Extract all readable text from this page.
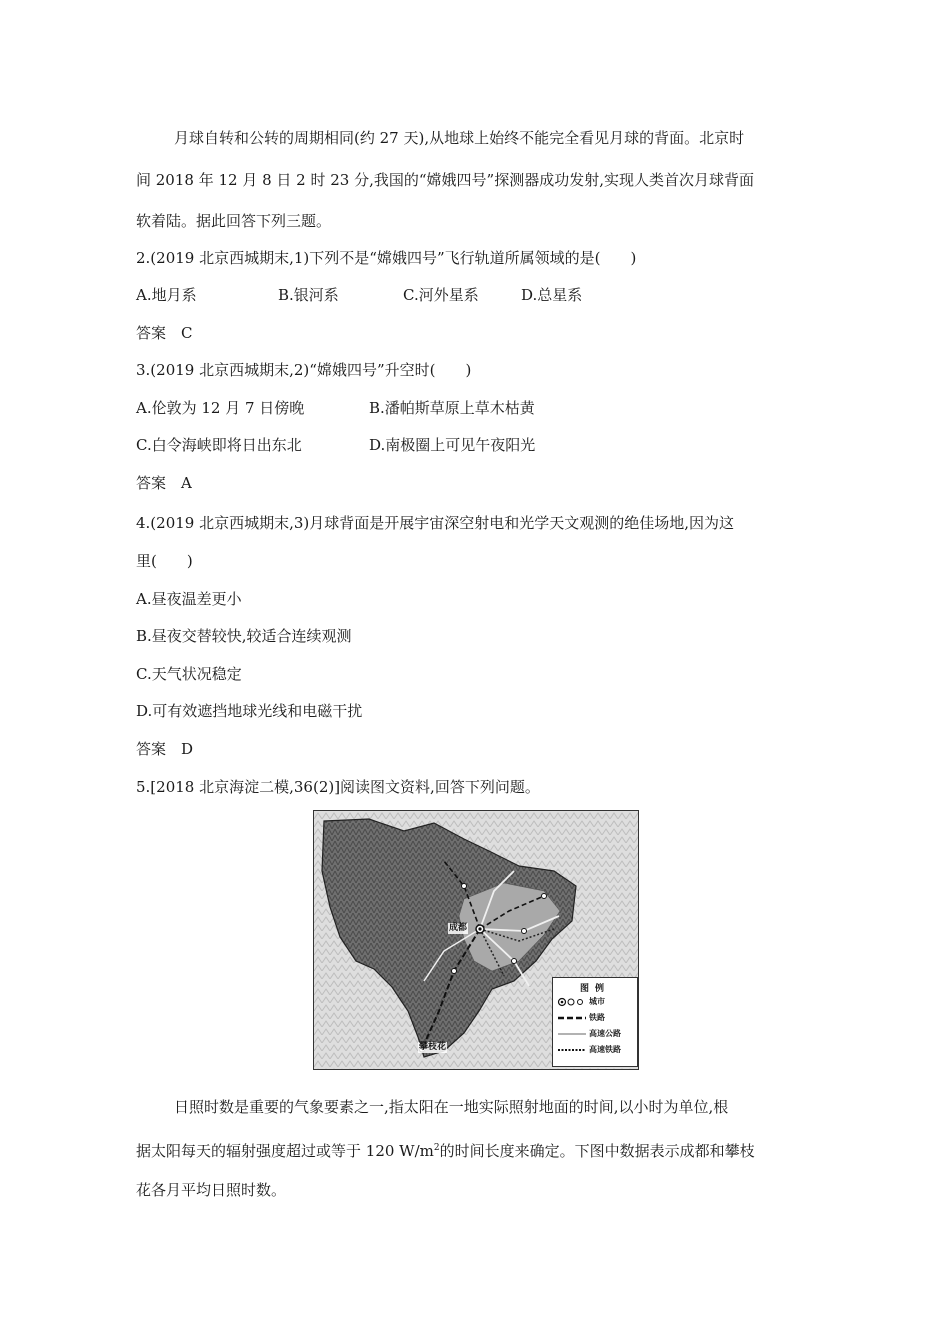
月球自转和公转的周期相同(约 27 天),从地球上始终不能完全看见月球的背面。北京时
间 2018 年 12 月 8 日 2 时 23 分,我国的“嫦娥四号”探测器成功发射,实现人类首次月球背面
软着陆。据此回答下列三题。
2.(2019 北京西城期末,1)下列不是“嫦娥四号”飞行轨道所属领域的是(　　)
A.地月系	B.银河系	C.河外星系	D.总星系
答案　C
3.(2019 北京西城期末,2)“嫦娥四号”升空时(　　)
A.伦敦为 12 月 7 日傍晚	B.潘帕斯草原上草木枯黄
C.白令海峡即将日出东北	D.南极圈上可见午夜阳光
答案　A
4.(2019 北京西城期末,3)月球背面是开展宇宙深空射电和光学天文观测的绝佳场地,因为这
里(　　)
A.昼夜温差更小
B.昼夜交替较快,较适合连续观测
C.天气状况稳定
D.可有效遮挡地球光线和电磁干扰
答案　D
5.[2018 北京海淀二模,36(2)]阅读图文资料,回答下列问题。
成都
攀枝花
图例
城市
铁路
高速公路
高速铁路
日照时数是重要的气象要素之一,指太阳在一地实际照射地面的时间,以小时为单位,根
据太阳每天的辐射强度超过或等于 120 $W/m^2$的时间长度来确定。下图中数据表示成都和攀枝
花各月平均日照时数。
